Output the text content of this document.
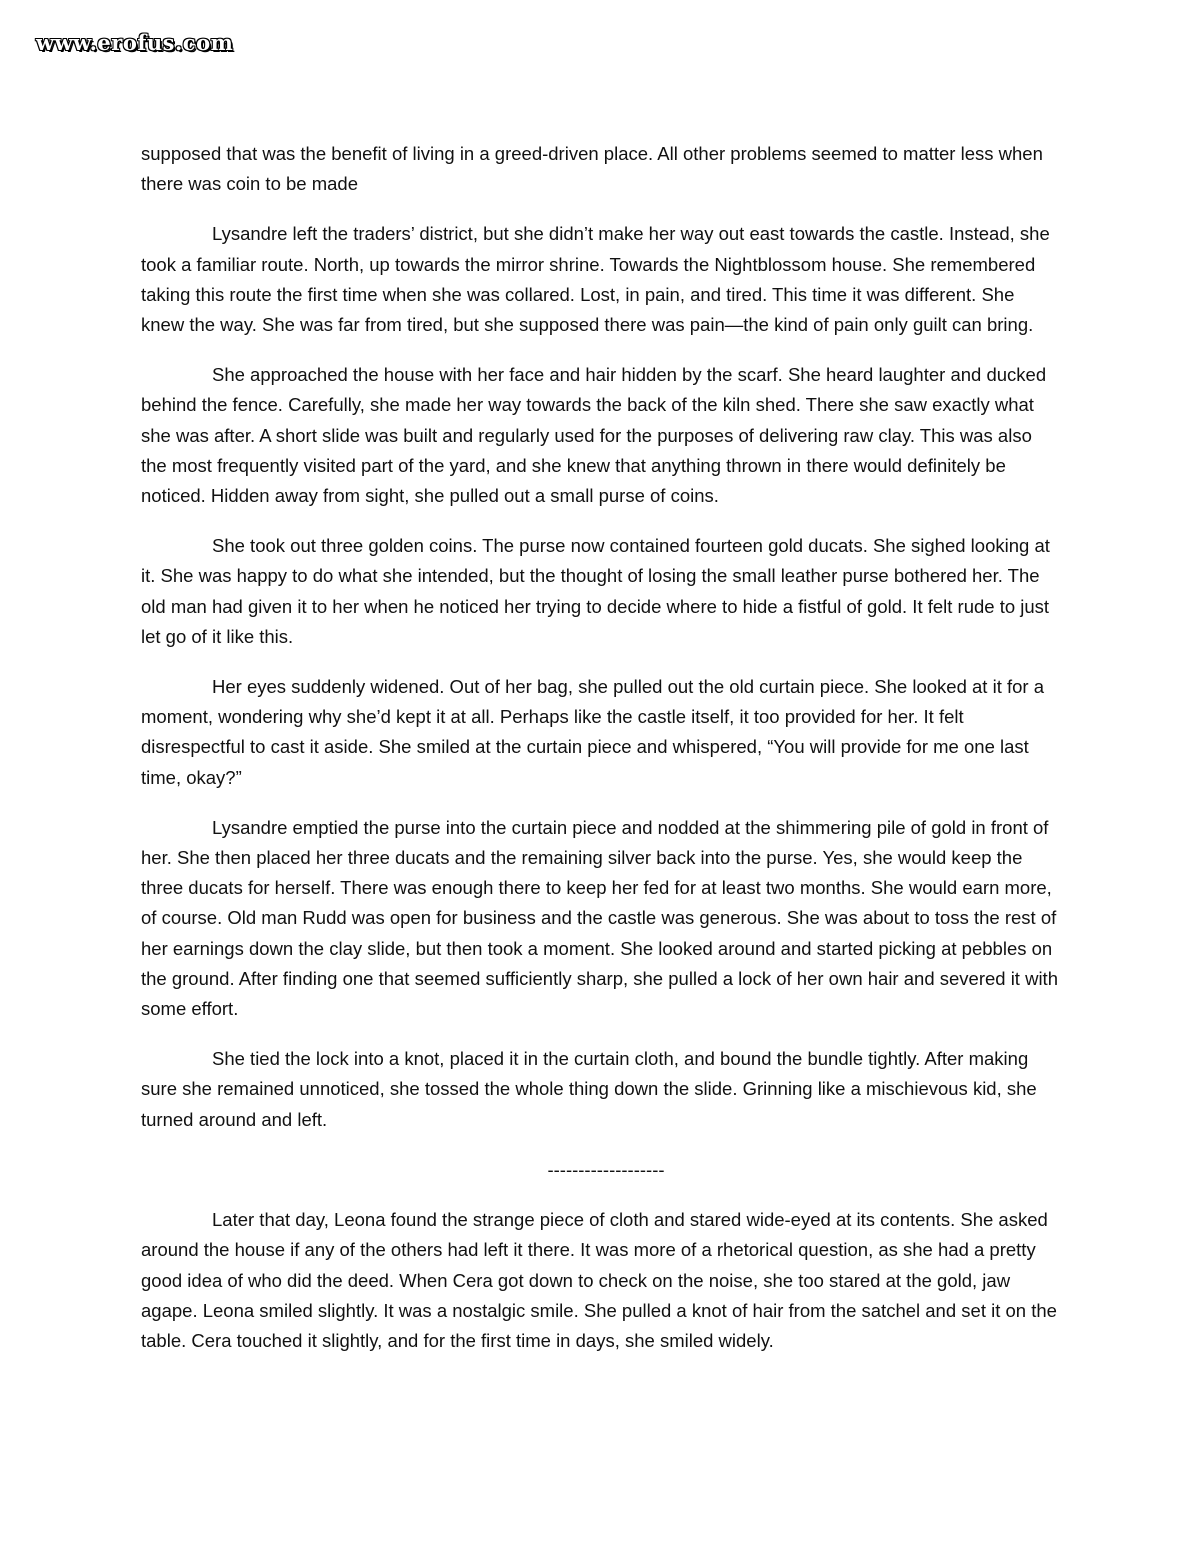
www.erofus.com

supposed that was the benefit of living in a greed-driven place. All other problems seemed to matter less when there was coin to be made

Lysandre left the traders’ district, but she didn’t make her way out east towards the castle. Instead, she took a familiar route. North, up towards the mirror shrine. Towards the Nightblossom house. She remembered taking this route the first time when she was collared. Lost, in pain, and tired. This time it was different. She knew the way. She was far from tired, but she supposed there was pain—the kind of pain only guilt can bring.

She approached the house with her face and hair hidden by the scarf. She heard laughter and ducked behind the fence. Carefully, she made her way towards the back of the kiln shed. There she saw exactly what she was after. A short slide was built and regularly used for the purposes of delivering raw clay. This was also the most frequently visited part of the yard, and she knew that anything thrown in there would definitely be noticed. Hidden away from sight, she pulled out a small purse of coins.

She took out three golden coins. The purse now contained fourteen gold ducats. She sighed looking at it. She was happy to do what she intended, but the thought of losing the small leather purse bothered her. The old man had given it to her when he noticed her trying to decide where to hide a fistful of gold. It felt rude to just let go of it like this.

Her eyes suddenly widened. Out of her bag, she pulled out the old curtain piece. She looked at it for a moment, wondering why she’d kept it at all. Perhaps like the castle itself, it too provided for her. It felt disrespectful to cast it aside. She smiled at the curtain piece and whispered, “You will provide for me one last time, okay?”

Lysandre emptied the purse into the curtain piece and nodded at the shimmering pile of gold in front of her. She then placed her three ducats and the remaining silver back into the purse. Yes, she would keep the three ducats for herself. There was enough there to keep her fed for at least two months. She would earn more, of course. Old man Rudd was open for business and the castle was generous. She was about to toss the rest of her earnings down the clay slide, but then took a moment. She looked around and started picking at pebbles on the ground. After finding one that seemed sufficiently sharp, she pulled a lock of her own hair and severed it with some effort.

She tied the lock into a knot, placed it in the curtain cloth, and bound the bundle tightly. After making sure she remained unnoticed, she tossed the whole thing down the slide. Grinning like a mischievous kid, she turned around and left.

-------------------

Later that day, Leona found the strange piece of cloth and stared wide-eyed at its contents. She asked around the house if any of the others had left it there. It was more of a rhetorical question, as she had a pretty good idea of who did the deed. When Cera got down to check on the noise, she too stared at the gold, jaw agape. Leona smiled slightly. It was a nostalgic smile. She pulled a knot of hair from the satchel and set it on the table. Cera touched it slightly, and for the first time in days, she smiled widely.
